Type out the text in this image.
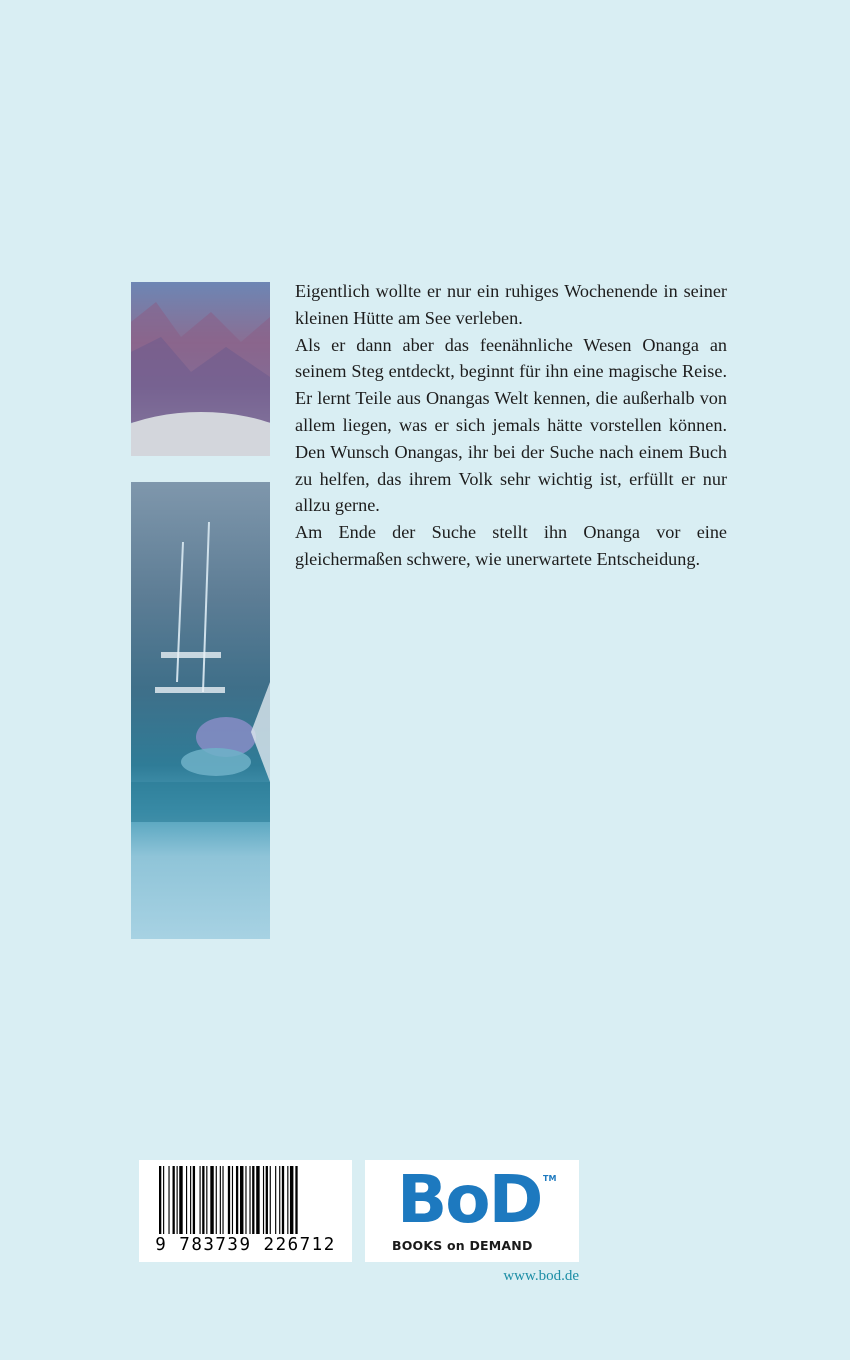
Eigentlich wollte er nur ein ruhiges Wochenende in seiner kleinen Hütte am See verleben.

Als er dann aber das feenähnliche Wesen Onanga an seinem Steg entdeckt, beginnt für ihn eine magische Reise. Er lernt Teile aus Onangas Welt kennen, die außerhalb von allem liegen, was er sich jemals hätte vorstellen können. Den Wunsch Onangas, ihr bei der Suche nach einem Buch zu helfen, das ihrem Volk sehr wichtig ist, erfüllt er nur allzu gerne.

Am Ende der Suche stellt ihn Onanga vor eine gleichermaßen schwere, wie unerwartete Entscheidung.

9 783739 226712
BoD TM
BOOKS on DEMAND
www.bod.de
